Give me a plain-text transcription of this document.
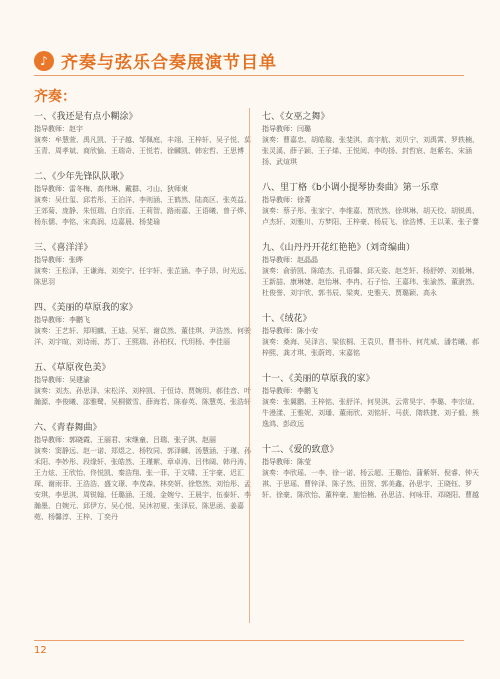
♪ 齐奏与弦乐合奏展演节目单
齐奏：
一、《我还是有点小糊涂》
指导教师：赵宇
演奏：牟慧萱、禹凡凯、于子越、邹佩庭、丰翊、王梓轩、吴子悦、莫玉青、周孝斌、商欣愉、王瑞奇、王悦若、徐麟凯、韩宏哲、王思博
二、《少年先锋队队歌》
指导教师：雷冬梅、高伟琳、戴群、刁山、狄师束
演奏：吴仕玺、邱若彤、王泊洋、李则涵、王鹤然、陆高区、张英益、王郊菊、庞静、朱恒瑞、白宗而、王莉智、路雨嘉、王语曦、曾子烨、杨东儒、李铭、宋高润、边嘉晨、杨斐瑜
三、《喜洋洋》
指导教师：张晔
演奏：王松泽、王谦海、刘奕宁、任宇轩、张芷涵、李子昂、时光远、陈思羽
四、《美丽的草原我的家》
指导教师：李鹏飞
演奏：王艺轩、郑明麒、王迪、吴军、谢苡然、董佳琪、尹浩然、何骏洋、刘宇暄、刘诗雨、苏丁、王熙瑞、孙柏权、代玥杨、李佳丽
五、《草原夜色美》
指导教师：吴建渝
演奏：刘杰、孙思泽、宋松洋、刘梓凯、于恒诗、贾婉玥、郝佳音、叶瀚源、李俊曦、邵雅鹭、吴桐微雪、薛海若、陈春英、陈慧英、张浩轩
六、《青春舞曲》
指导教师：郭晓霞、王丽君、宋继童、吕瑞、张子淇、赵丽
演奏：窦静远、赵一诺、郑煜之、杨牧同、郭泽麟、汤慧涵、于瑾、孙禾阳、李妙彤、段缘轩、张皓然、王瑾絮、章卓涛、吕伟阔、韩丹涛、王力炫、王欣怡、佟悦凯、秦浩翔、张一菲、于文啸、王宇豪、迟汇琛、谢雨菲、王浩浩、盛文璟、李茂森、林奕妍、徐悠然、刘怡彤、孟安琪、李思淇、周锐翰、任璐涵、王缓、金婉兮、王晨宇、伍泰轩、李瀚墨、白婉元、邱伊方、吴心悦、吴沐初夏、张泽辰、陈思函、姜嘉菀、杨馨淳、王梓、丁奕丹
七、《女巫之舞》
指导教师：闫璐
演奏：曹嘉忠、胡皓璇、张斐淇、高宇航、刘贝宁、刘禹霄、罗轶楠、张灵溪、薛子颖、王子烯、王悦阅、李昀扬、封哲宸、赵紫名、宋涵扬、武煊琪
八、里丁格《b小调小提琴协奏曲》第一乐章
指导教师：徐菁
演奏：蔡子彤、张家宁、李维嘉、贾欣然、徐琪琳、胡天佼、胡锐禹、卢杰轩、刘雅川、方梦阳、王梓豪、杨辰飞、徐浩博、王以莱、张子謇
九、《山丹丹开花红艳艳》（刘奇编曲）
指导教师：赵晶晶
演奏：俞骄凯、陈皓杰、孔语馨、邱天姿、赵芝轩、杨舒婷、刘毅琳、王新喆、康琳婕、赵怡琳、李冉、石子怡、王嘉玮、张渝然、董澍然、杜俊誉、刘宇欣、郭书辰、梁爽、史雅天、贾璐颖、高永
十、《绒花》
指导教师：陈小安
演奏：桑海、吴泽言、梁依桐、王袁贝、曹书朴、何芃威、潘若曦、郝梓熙、龚才琪、张蔚筠、宋嘉铭
十一、《美丽的草原我的家》
指导教师：李鹏飞
演奏：张翼鹏、王梓铭、张舒洋、何昊淇、云常昊宇、李璐、李宗煊、牛漫漾、王雅妮、刘璠、董雨欣、刘铭轩、马获、隋轶捷、刘子毅、熊逸鸿、彭政远
十二、《爱的致意》
指导教师：陈莹
演奏：李欣瑶、一李、徐一诺、杨云超、王璐怡、蒲紫妍、倪睿、钟天祺、于思瑶、曹锌泽、陈子然、田贺、郭美鑫、孙思宇、王晓钰、罗轩、徐豪、陈欣怡、董梓豪、施怡楠、孙思洁、何咏菲、邓晓阳、曹越
12
